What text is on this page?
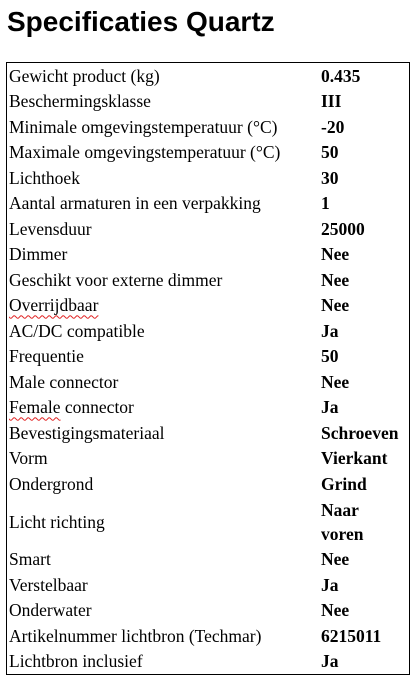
Specificaties Quartz
Gewicht product (kg)	0.435
Beschermingsklasse	III
Minimale omgevingstemperatuur (°C)	-20
Maximale omgevingstemperatuur (°C)	50
Lichthoek	30
Aantal armaturen in een verpakking	1
Levensduur	25000
Dimmer	Nee
Geschikt voor externe dimmer	Nee
Overrijdbaar	Nee
AC/DC compatible	Ja
Frequentie	50
Male connector	Nee
Female connector	Ja
Bevestigingsmateriaal	Schroeven
Vorm	Vierkant
Ondergrond	Grind
Licht richting	Naar voren
Smart	Nee
Verstelbaar	Ja
Onderwater	Nee
Artikelnummer lichtbron (Techmar)	6215011
Lichtbron inclusief	Ja
